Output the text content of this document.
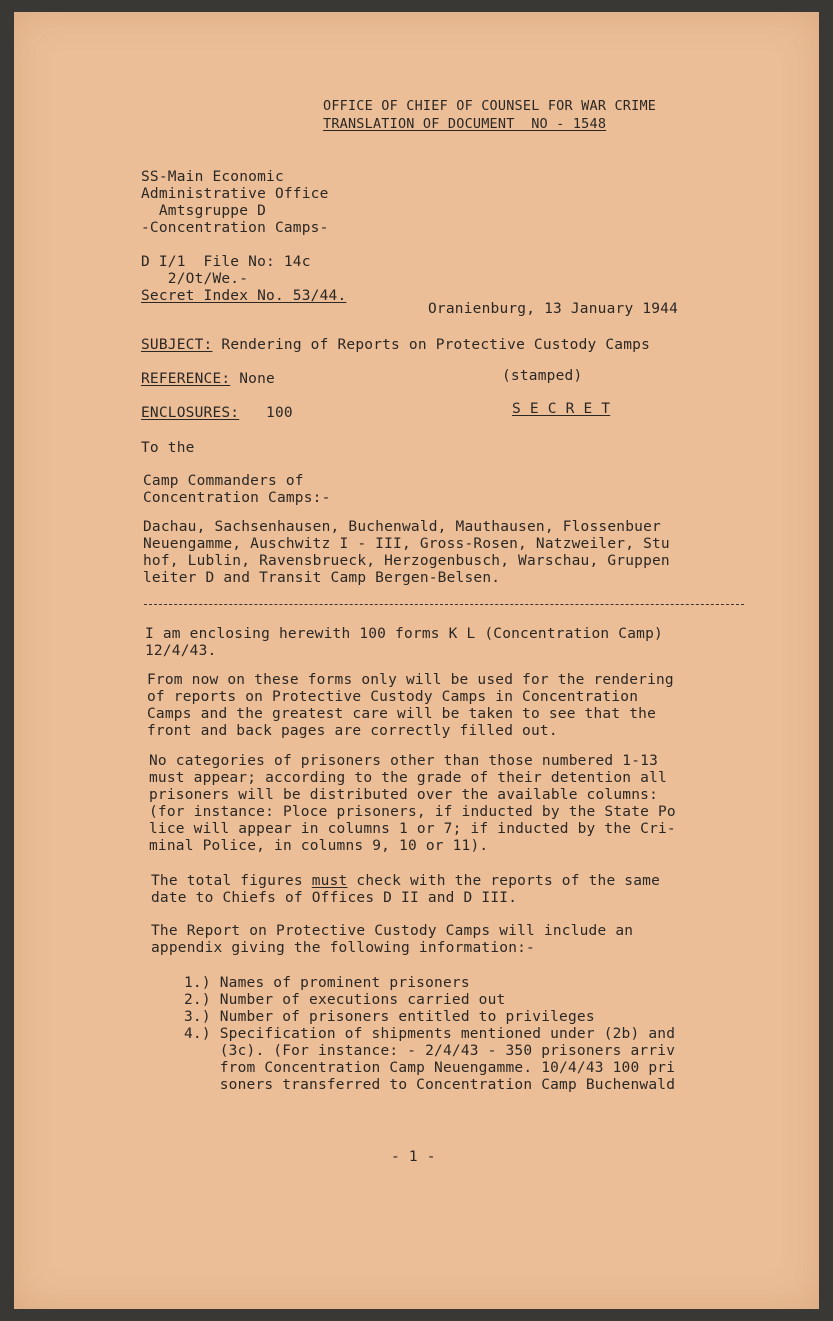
OFFICE OF CHIEF OF COUNSEL FOR WAR CRIME

TRANSLATION OF DOCUMENT  NO - 1548

SS-Main Economic

Administrative Office

Amtsgruppe D

-Concentration Camps-

D I/1  File No: 14c

2/Ot/We.-

Secret Index No. 53/44.

Oranienburg, 13 January 1944

SUBJECT: Rendering of Reports on Protective Custody Camps

REFERENCE: None	(stamped)

ENCLOSURES:   100	S E C R E T

To the

Camp Commanders of

Concentration Camps:-

Dachau, Sachsenhausen, Buchenwald, Mauthausen, Flossenbuer

Neuengamme, Auschwitz I - III, Gross-Rosen, Natzweiler, Stu

hof, Lublin, Ravensbrueck, Herzogenbusch, Warschau, Gruppen

leiter D and Transit Camp Bergen-Belsen.

I am enclosing herewith 100 forms K L (Concentration Camp)

12/4/43.

From now on these forms only will be used for the rendering

of reports on Protective Custody Camps in Concentration

Camps and the greatest care will be taken to see that the

front and back pages are correctly filled out.

No categories of prisoners other than those numbered 1-13

must appear; according to the grade of their detention all

prisoners will be distributed over the available columns:

(for instance: Ploce prisoners, if inducted by the State Po

lice will appear in columns 1 or 7; if inducted by the Cri-

minal Police, in columns 9, 10 or 11).

The total figures must check with the reports of the same

date to Chiefs of Offices D II and D III.

The Report on Protective Custody Camps will include an

appendix giving the following information:-

1.) Names of prominent prisoners

2.) Number of executions carried out

3.) Number of prisoners entitled to privileges

4.) Specification of shipments mentioned under (2b) and

(3c). (For instance: - 2/4/43 - 350 prisoners arriv

from Concentration Camp Neuengamme. 10/4/43 100 pri

soners transferred to Concentration Camp Buchenwald

- 1 -
